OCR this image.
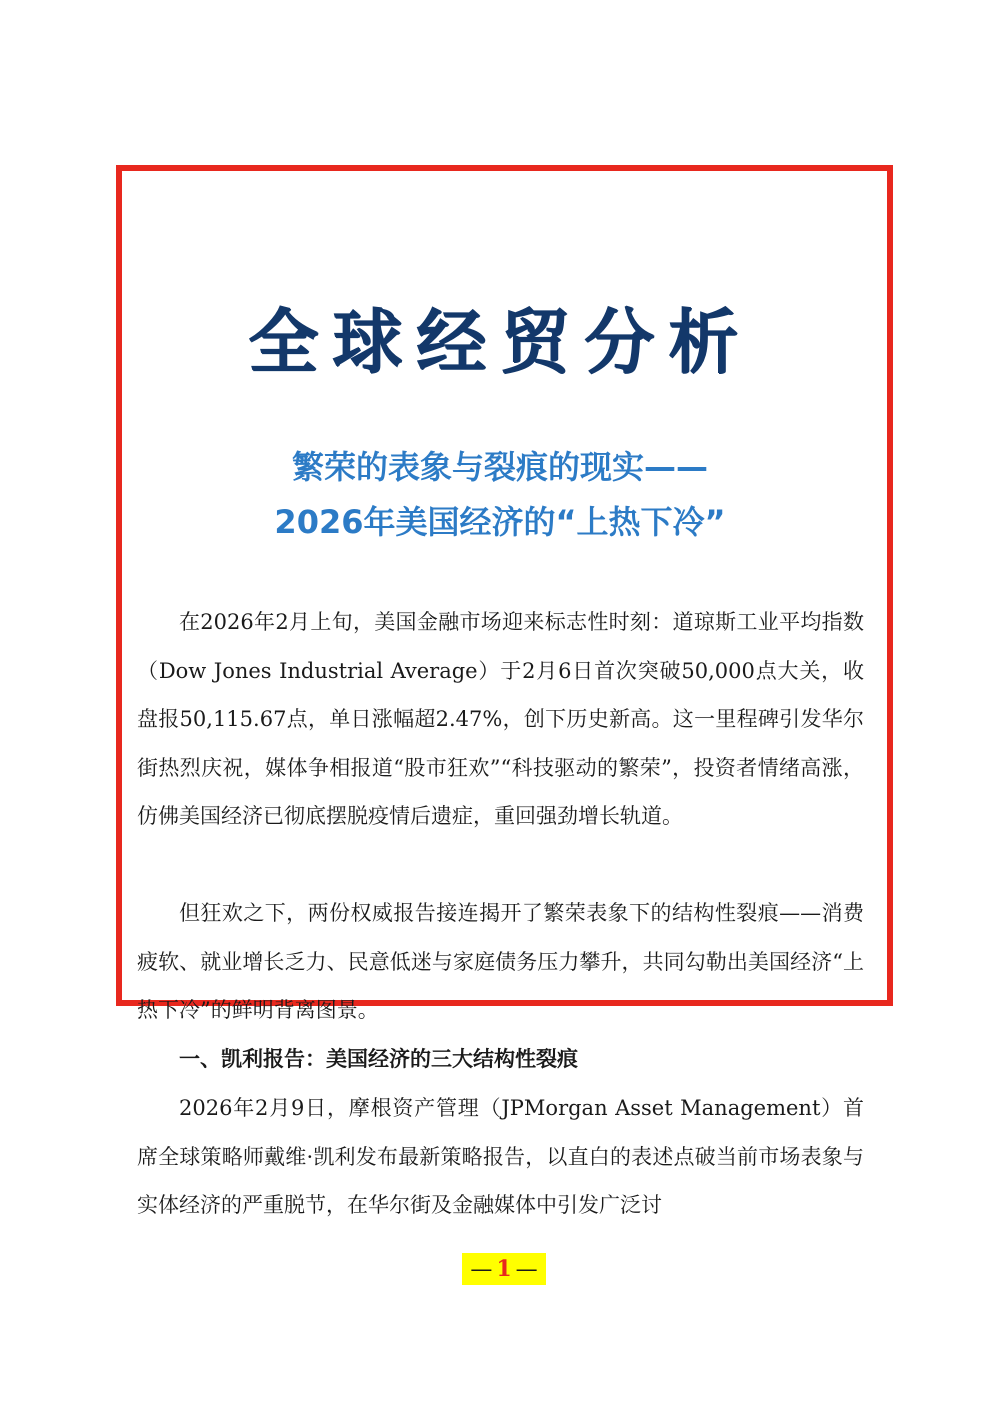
全球经贸分析
繁荣的表象与裂痕的现实——
2026年美国经济的“上热下冷”

在2026年2月上旬，美国金融市场迎来标志性时刻：道琼斯工业平均指数（Dow Jones Industrial Average）于2月6日首次突破50,000点大关，收盘报50,115.67点，单日涨幅超2.47%，创下历史新高。这一里程碑引发华尔街热烈庆祝，媒体争相报道“股市狂欢”“科技驱动的繁荣”，投资者情绪高涨，仿佛美国经济已彻底摆脱疫情后遗症，重回强劲增长轨道。

但狂欢之下，两份权威报告接连揭开了繁荣表象下的结构性裂痕——消费疲软、就业增长乏力、民意低迷与家庭债务压力攀升，共同勾勒出美国经济“上热下冷”的鲜明背离图景。

一、凯利报告：美国经济的三大结构性裂痕

2026年2月9日，摩根资产管理（JPMorgan Asset Management）首席全球策略师戴维·凯利发布最新策略报告，以直白的表述点破当前市场表象与实体经济的严重脱节，在华尔街及金融媒体中引发广泛讨

— 1 —
